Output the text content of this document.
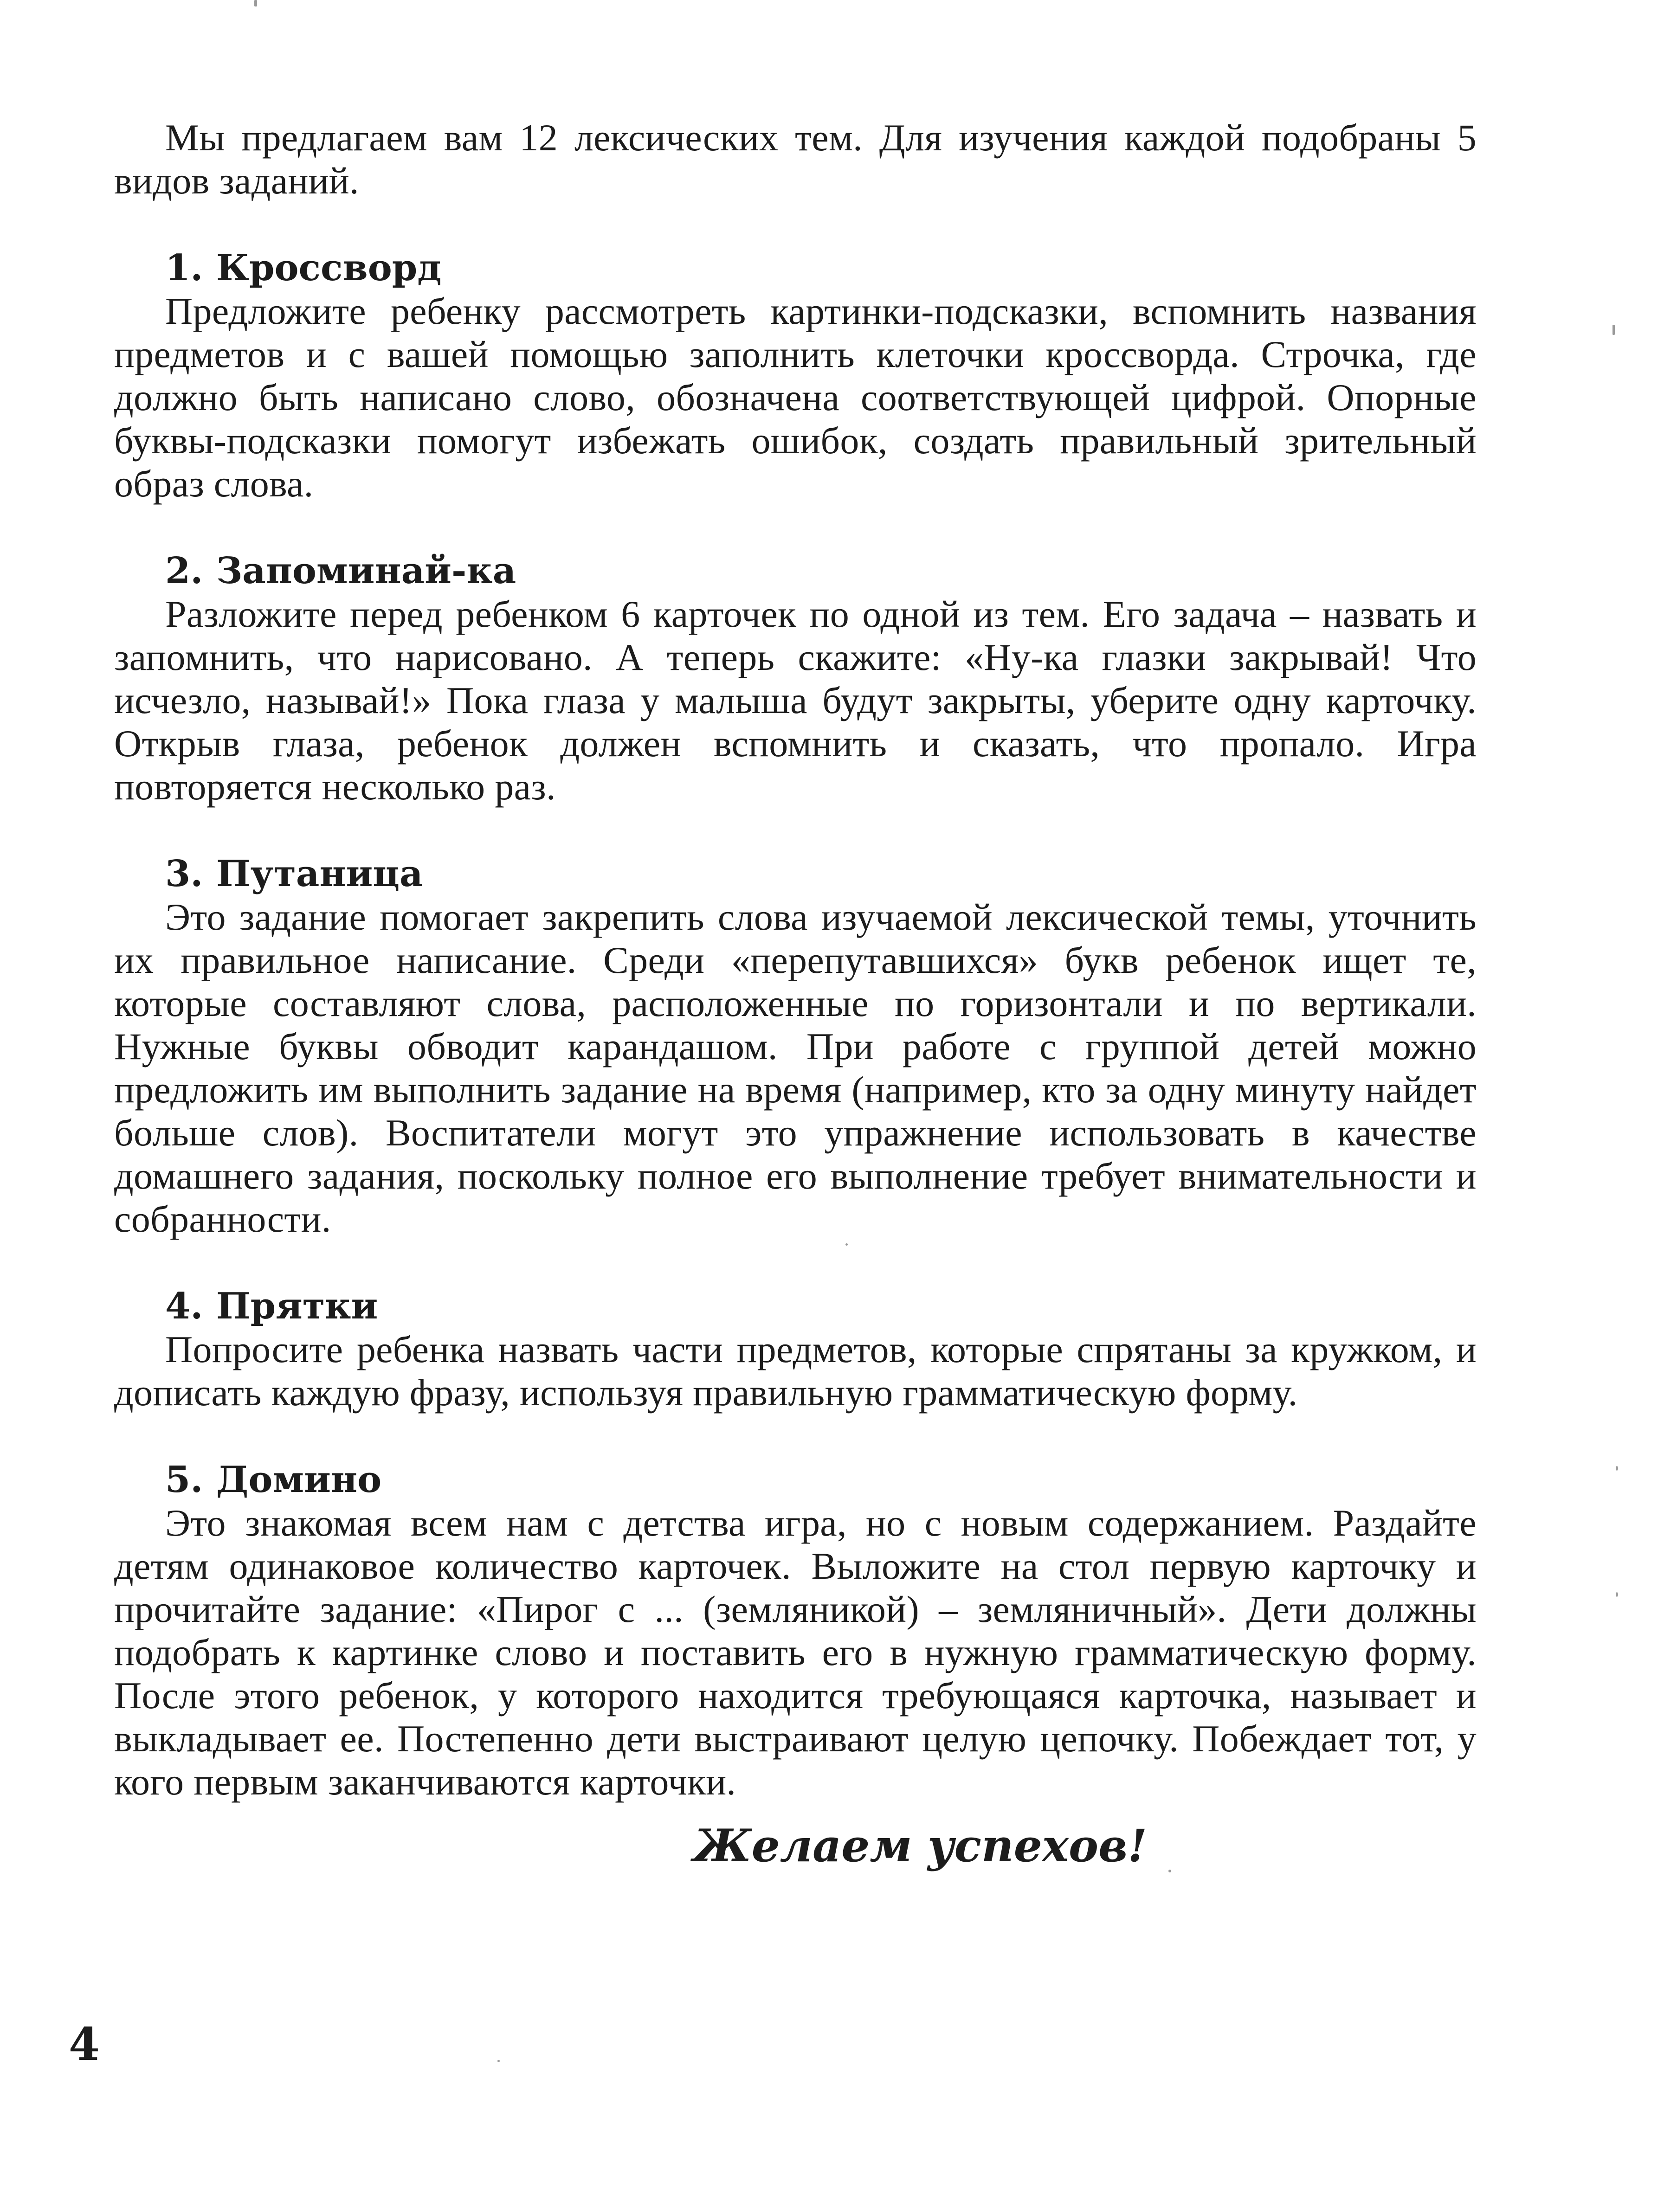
Мы предлагаем вам 12 лексических тем. Для изучения каждой подобраны 5 видов заданий.

1. Кроссворд

Предложите ребенку рассмотреть картинки-подсказки, вспомнить названия предметов и с вашей помощью заполнить клеточки кроссворда. Строчка, где должно быть написано слово, обозначена соответствующей цифрой. Опорные буквы-подсказки помогут избежать ошибок, создать правильный зрительный образ слова.

2. Запоминай-ка

Разложите перед ребенком 6 карточек по одной из тем. Его задача – назвать и запомнить, что нарисовано. А теперь скажите: «Ну-ка глазки закрывай! Что исчезло, называй!» Пока глаза у малыша будут закрыты, уберите одну карточку. Открыв глаза, ребенок должен вспомнить и сказать, что пропало. Игра повторяется несколько раз.

3. Путаница

Это задание помогает закрепить слова изучаемой лексической темы, уточнить их правильное написание. Среди «перепутавшихся» букв ребенок ищет те, которые составляют слова, расположенные по горизонтали и по вертикали. Нужные буквы обводит карандашом. При работе с группой детей можно предложить им выполнить задание на время (например, кто за одну минуту найдет больше слов). Воспитатели могут это упражнение использовать в качестве домашнего задания, поскольку полное его выполнение требует внимательности и собранности.

4. Прятки

Попросите ребенка назвать части предметов, которые спрятаны за кружком, и дописать каждую фразу, используя правильную грамматическую форму.

5. Домино

Это знакомая всем нам с детства игра, но с новым содержанием. Раздайте детям одинаковое количество карточек. Выложите на стол первую карточку и прочитайте задание: «Пирог с ... (земляникой) – земляничный». Дети должны подобрать к картинке слово и поставить его в нужную грамматическую форму. После этого ребенок, у которого находится требующаяся карточка, называет и выкладывает ее. Постепенно дети выстраивают целую цепочку. Побеждает тот, у кого первым заканчиваются карточки.

Желаем успехов!
4
